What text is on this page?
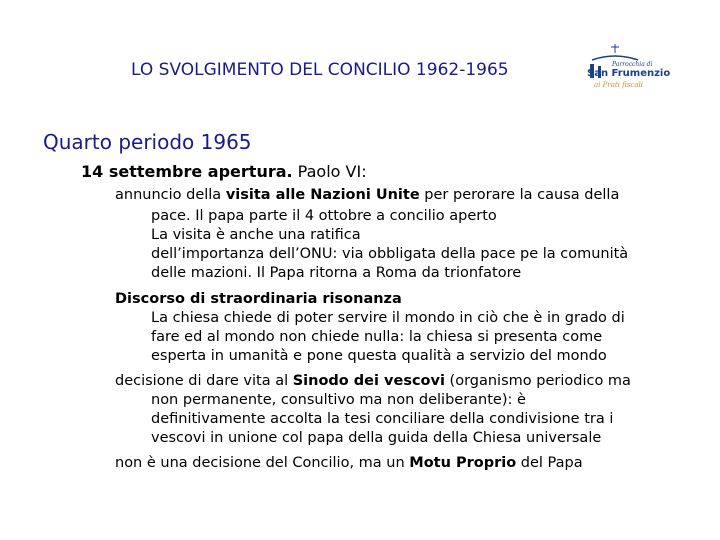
LO SVOLGIMENTO DEL CONCILIO 1962-1965	Parrocchia di
San Frumenzio
ai Prati fiscali
Quarto periodo 1965
14 settembre apertura. Paolo VI:
annuncio della visita alle Nazioni Unite per perorare la causa della
pace. Il papa parte il 4 ottobre a concilio aperto
La visita è anche una ratifica
dell’importanza dell’ONU: via obbligata della pace pe la comunità
delle mazioni. Il Papa ritorna a Roma da trionfatore
Discorso di straordinaria risonanza
La chiesa chiede di poter servire il mondo in ciò che è in grado di
fare ed al mondo non chiede nulla: la chiesa si presenta come
esperta in umanità e pone questa qualità a servizio del mondo
decisione di dare vita al Sinodo dei vescovi (organismo periodico ma
non permanente, consultivo ma non deliberante): è
definitivamente accolta la tesi conciliare della condivisione tra i
vescovi in unione col papa della guida della Chiesa universale
non è una decisione del Concilio, ma un Motu Proprio del Papa
